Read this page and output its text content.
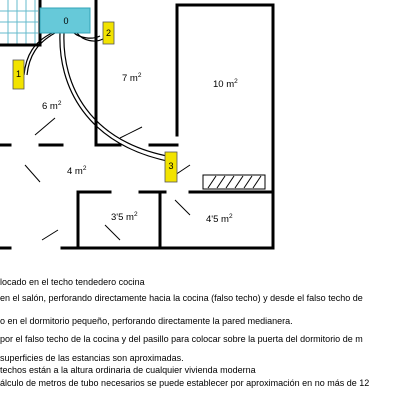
0
1
2
3
7 $m^2$
10 $m^2$
6 $m^2$
4 $m^2$
3'5 $m^2$	4'5 $m^2$
locado en el techo tendedero cocina
en el salón, perforando directamente hacia la cocina (falso techo) y desde el falso techo de
o en el dormitorio pequeño, perforando directamente la pared medianera.
por el falso techo de la cocina y del pasillo para colocar sobre la puerta del dormitorio de m
superficies de las estancias son aproximadas.
techos están a la altura ordinaria de cualquier vivienda moderna
álculo de metros de tubo necesarios se puede establecer por aproximación en no más de 12
